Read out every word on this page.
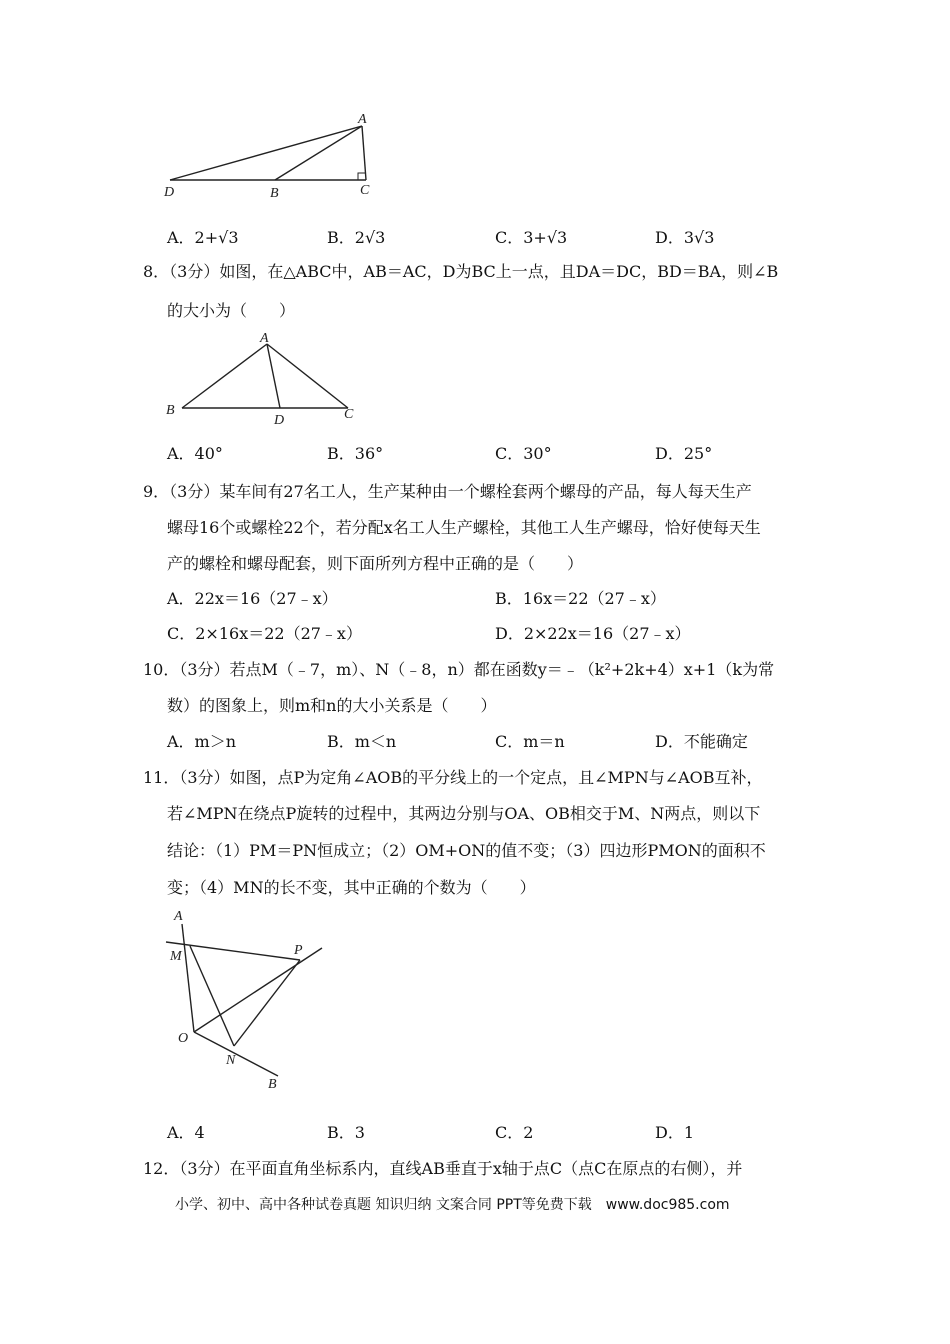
A
D	B	C
A．2+√3	B．2√3	C．3+√3	D．3√3
8．（3分）如图，在△ABC中，AB＝AC，D为BC上一点，且DA＝DC，BD＝BA，则∠B
的大小为（　　）
A
B
D	C
A．40°	B．36°	C．30°	D．25°
9．（3分）某车间有27名工人，生产某种由一个螺栓套两个螺母的产品，每人每天生产
螺母16个或螺栓22个，若分配x名工人生产螺栓，其他工人生产螺母，恰好使每天生
产的螺栓和螺母配套，则下面所列方程中正确的是（　　）
A．22x＝16（27﹣x）	B．16x＝22（27﹣x）
C．2×16x＝22（27﹣x）	D．2×22x＝16（27﹣x）
10．（3分）若点M（﹣7，m）、N（﹣8，n）都在函数y＝﹣（k²+2k+4）x+1（k为常
数）的图象上，则m和n的大小关系是（　　）
A．m＞n	B．m＜n	C．m＝n	D．不能确定
11．（3分）如图，点P为定角∠AOB的平分线上的一个定点，且∠MPN与∠AOB互补，
若∠MPN在绕点P旋转的过程中，其两边分别与OA、OB相交于M、N两点，则以下
结论：（1）PM＝PN恒成立；（2）OM+ON的值不变；（3）四边形PMON的面积不
变；（4）MN的长不变，其中正确的个数为（　　）
A
M	P
O
N
B
A．4	B．3	C．2	D．1
12．（3分）在平面直角坐标系内，直线AB垂直于x轴于点C（点C在原点的右侧），并
小学、初中、高中各种试卷真题 知识归纳 文案合同 PPT等免费下载　www.doc985.com
